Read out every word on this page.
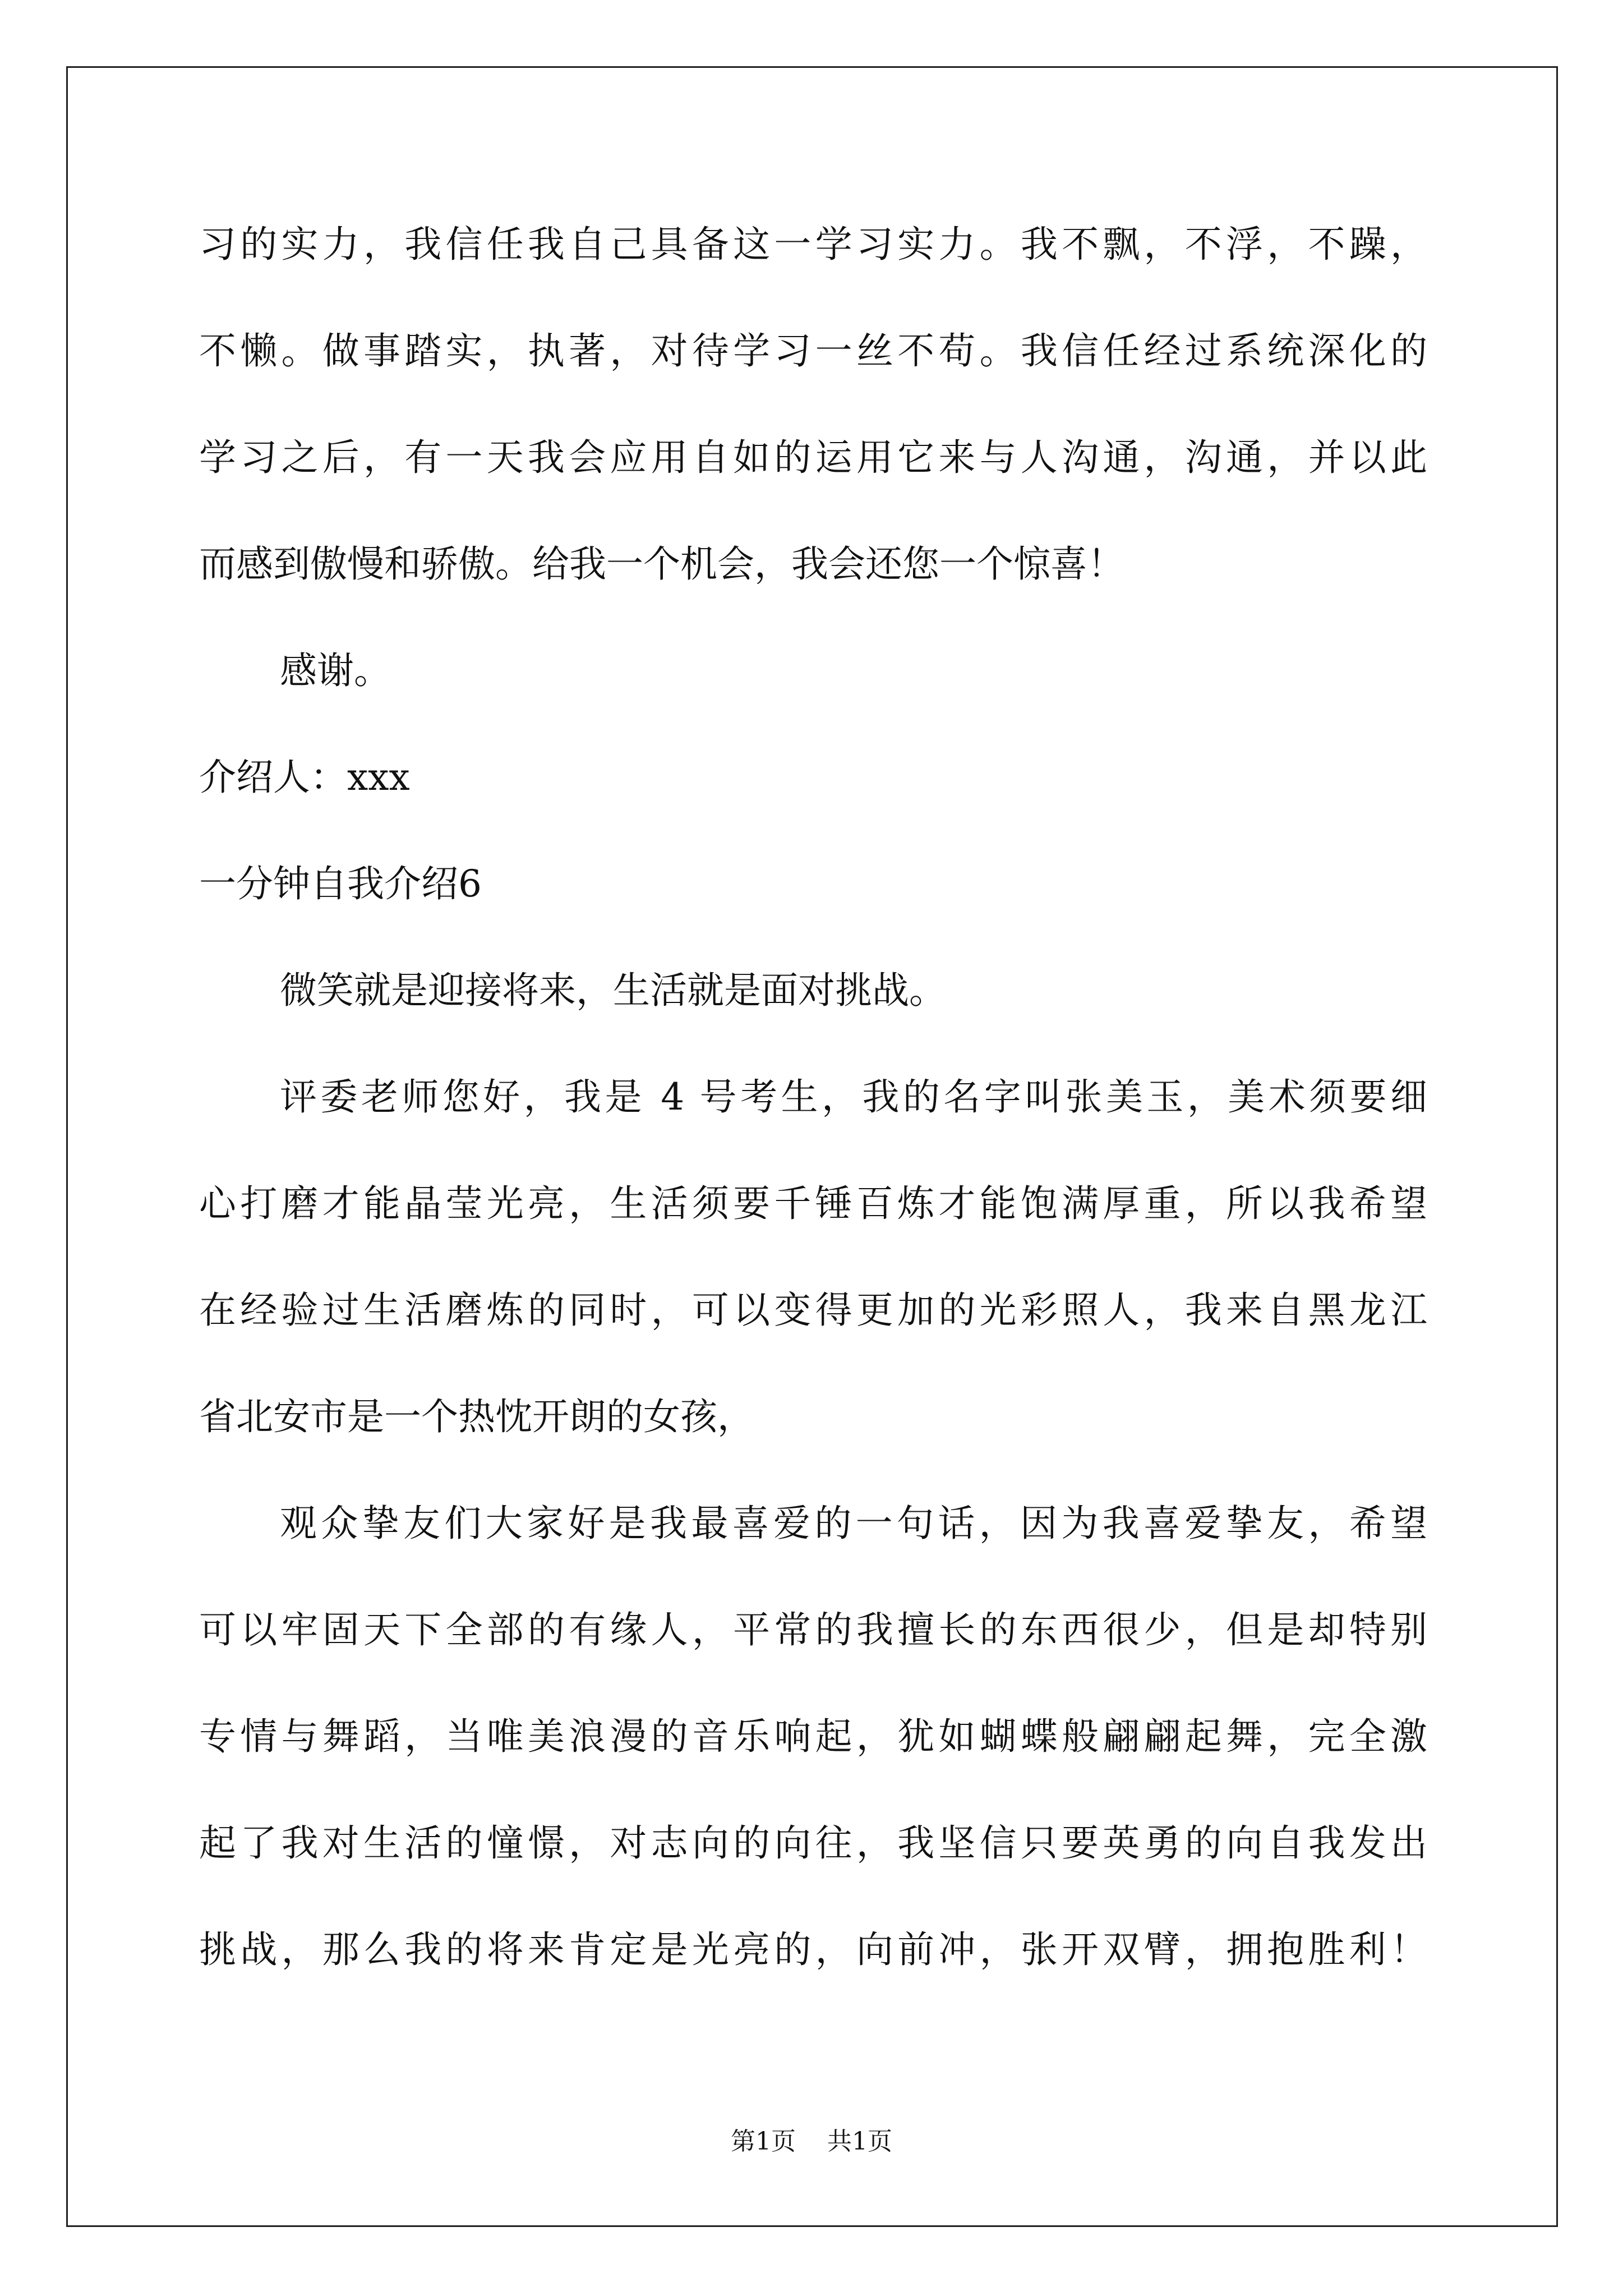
习的实力，我信任我自己具备这一学习实力。我不飘，不浮，不躁，
不懒。做事踏实，执著，对待学习一丝不苟。我信任经过系统深化的
学习之后，有一天我会应用自如的运用它来与人沟通，沟通，并以此
而感到傲慢和骄傲。给我一个机会，我会还您一个惊喜！
感谢。
介绍人：xxx
一分钟自我介绍6
微笑就是迎接将来，生活就是面对挑战。
评委老师您好，我是 4 号考生，我的名字叫张美玉，美术须要细
心打磨才能晶莹光亮，生活须要千锤百炼才能饱满厚重，所以我希望
在经验过生活磨炼的同时，可以变得更加的光彩照人，我来自黑龙江
省北安市是一个热忱开朗的女孩，
观众挚友们大家好是我最喜爱的一句话，因为我喜爱挚友，希望
可以牢固天下全部的有缘人，平常的我擅长的东西很少，但是却特别
专情与舞蹈，当唯美浪漫的音乐响起，犹如蝴蝶般翩翩起舞，完全激
起了我对生活的憧憬，对志向的向往，我坚信只要英勇的向自我发出
挑战，那么我的将来肯定是光亮的，向前冲，张开双臂，拥抱胜利！
第1页 共1页
